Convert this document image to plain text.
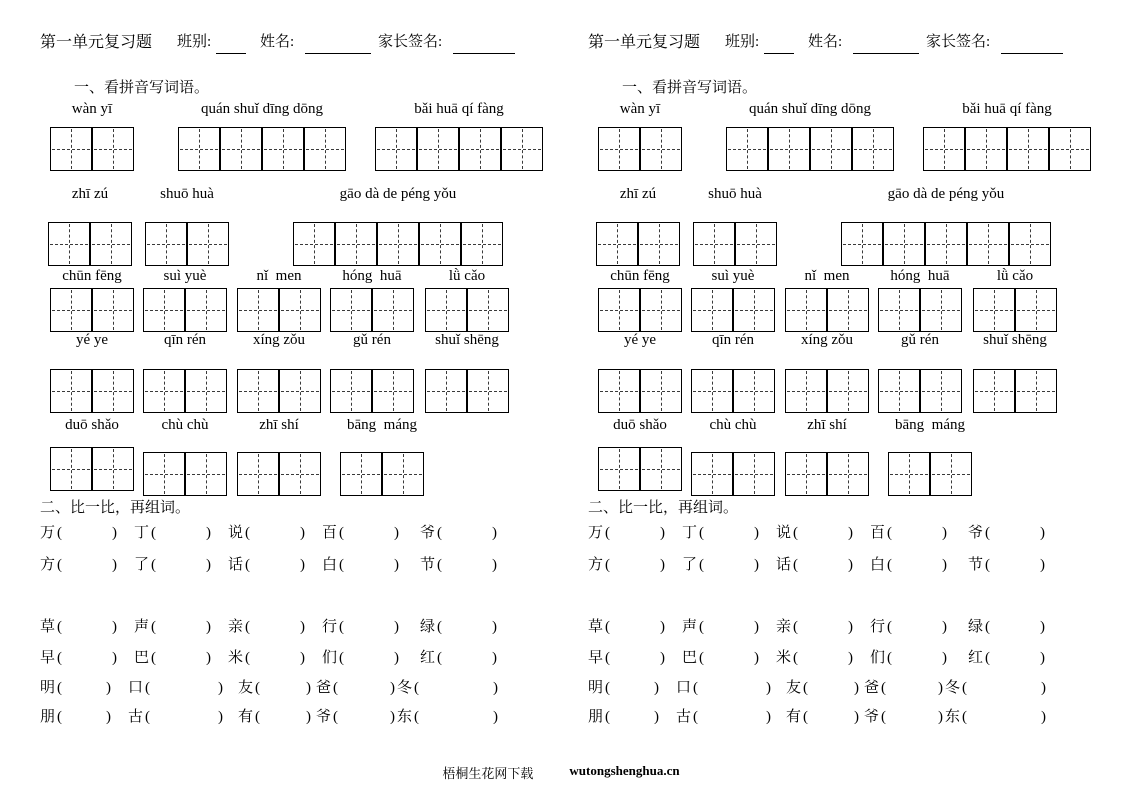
第一单元复习题 班别:	姓名:	家长签名:
一、看拼音写词语。
wàn yī	quán shuǐ dīng dōng	bǎi huā qí fàng
zhī zú	shuō huà	gāo dà de péng yǒu
chūn fēng	suì yuè	nǐ  men	hóng  huā	lǜ cǎo
yé ye	qīn rén	xíng zǒu	gǔ rén	shuǐ shēng
duō shǎo	chù chù	zhī shí	bāng  máng
二、比一比，再组词。
万 (	) 丁 (	) 说 (	) 百 (	) 爷 (	)
方 (	) 了 (	) 话 (	) 白 (	) 节 (	)
草 (	) 声 (	) 亲 (	) 行 (	) 绿 (	)
早 (	) 巴 (	) 米 (	) 们 (	) 红 (	)
明 (	) 口 (	) 友 (	) 爸 (	) 冬 (	)
朋 (	) 古 (	) 有 (	) 爷 (	) 东 (	)
第一单元复习题 班别:	姓名:	家长签名:
一、看拼音写词语。
wàn yī	quán shuǐ dīng dōng	bǎi huā qí fàng
zhī zú	shuō huà	gāo dà de péng yǒu
chūn fēng	suì yuè	nǐ  men	hóng  huā	lǜ cǎo
yé ye	qīn rén	xíng zǒu	gǔ rén	shuǐ shēng
duō shǎo	chù chù	zhī shí	bāng  máng
二、比一比，再组词。
万 (	) 丁 (	) 说 (	) 百 (	) 爷 (	)
方 (	) 了 (	) 话 (	) 白 (	) 节 (	)
草 (	) 声 (	) 亲 (	) 行 (	) 绿 (	)
早 (	) 巴 (	) 米 (	) 们 (	) 红 (	)
明 (	) 口 (	) 友 (	) 爸 (	) 冬 (	)
朋 (	) 古 (	) 有 (	) 爷 (	) 东 (	)
梧桐生花网下载	wutongshenghua.cn
